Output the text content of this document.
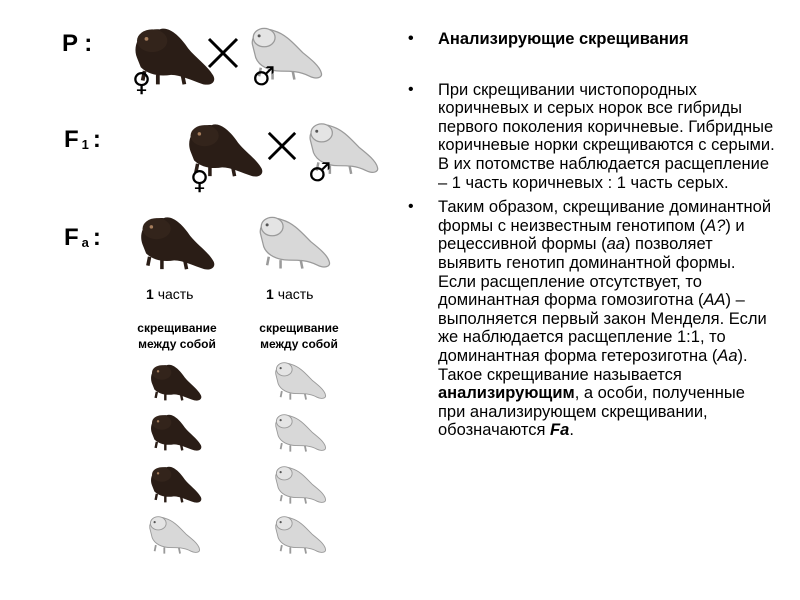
P :
F $_1$ :
F $_a$ :
♀	♂
♀	♂
1 часть	1 часть
скрещивание между собой
скрещивание между собой
• Анализирующие скрещивания
• При скрещивании чистопородных коричневых и серых норок все гибриды первого поколения коричневые. Гибридные коричневые норки скрещиваются с серыми. В их потомстве наблюдается расщепление – 1 часть коричневых : 1 часть серых.
• Таким образом, скрещивание доминантной формы с неизвестным генотипом (А?) и рецессивной формы (аа) позволяет выявить генотип доминантной формы. Если расщепление отсутствует, то доминантная форма гомозиготна (АА) – выполняется первый закон Менделя. Если же наблюдается расщепление 1:1, то доминантная форма гетерозиготна (Аа). Такое скрещивание называется анализирующим, а особи, полученные при анализирующем скрещивании, обозначаются Fa.
